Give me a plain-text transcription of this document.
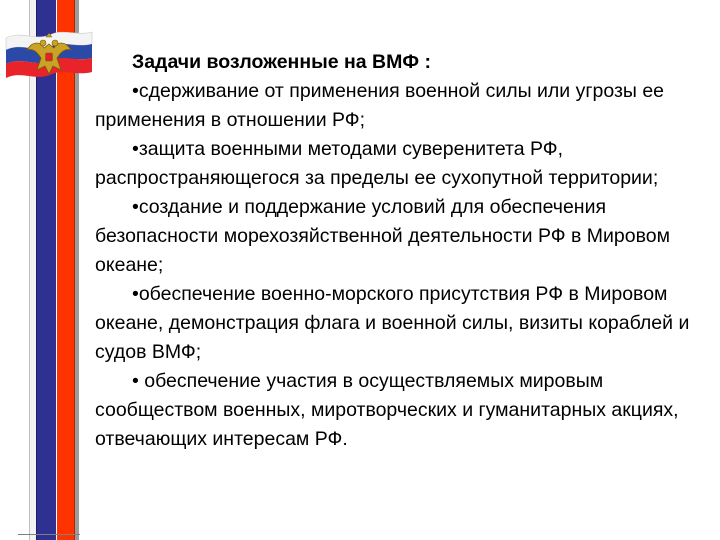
Задачи возложенные на ВМФ :

•сдерживание от применения военной силы или угрозы ее применения в отношении РФ;

•защита военными методами суверенитета РФ, распространяющегося за пределы ее сухопутной территории;

•создание и поддержание условий для обеспечения безопасности морехозяйственной деятельности РФ в Мировом океане;

•обеспечение военно-морского присутствия РФ в Мировом океане, демонстрация флага и военной силы, визиты кораблей и судов ВМФ;

• обеспечение участия в осуществляемых мировым сообществом военных, миротворческих и гуманитарных акциях, отвечающих интересам РФ.
